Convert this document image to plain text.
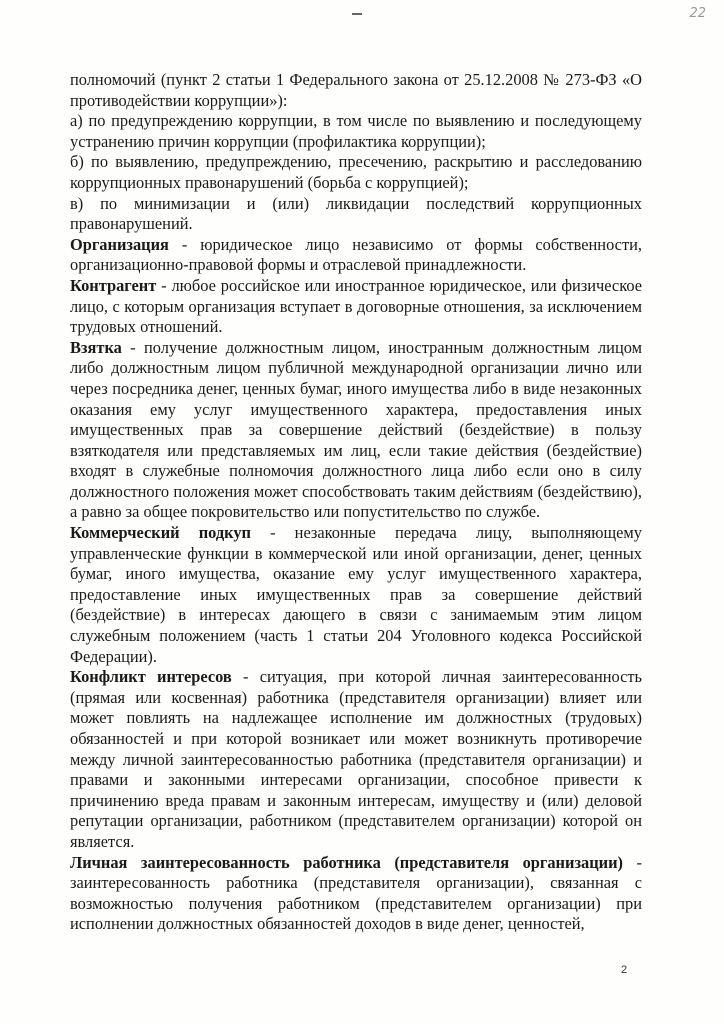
22

полномочий (пункт 2 статьи 1 Федерального закона от 25.12.2008 № 273-ФЗ «О противодействии коррупции»):

а) по предупреждению коррупции, в том числе по выявлению и последующему устранению причин коррупции (профилактика коррупции);

б) по выявлению, предупреждению, пресечению, раскрытию и расследованию коррупционных правонарушений (борьба с коррупцией);

в) по минимизации и (или) ликвидации последствий коррупционных правонарушений.

Организация - юридическое лицо независимо от формы собственности, организационно-правовой формы и отраслевой принадлежности.

Контрагент - любое российское или иностранное юридическое, или физическое лицо, с которым организация вступает в договорные отношения, за исключением трудовых отношений.

Взятка - получение должностным лицом, иностранным должностным лицом либо должностным лицом публичной международной организации лично или через посредника денег, ценных бумаг, иного имущества либо в виде незаконных оказания ему услуг имущественного характера, предоставления иных имущественных прав за совершение действий (бездействие) в пользу взяткодателя или представляемых им лиц, если такие действия (бездействие) входят в служебные полномочия должностного лица либо если оно в силу должностного положения может способствовать таким действиям (бездействию), а равно за общее покровительство или попустительство по службе.

Коммерческий подкуп - незаконные передача лицу, выполняющему управленческие функции в коммерческой или иной организации, денег, ценных бумаг, иного имущества, оказание ему услуг имущественного характера, предоставление иных имущественных прав за совершение действий (бездействие) в интересах дающего в связи с занимаемым этим лицом служебным положением (часть 1 статьи 204 Уголовного кодекса Российской Федерации).

Конфликт интересов - ситуация, при которой личная заинтересованность (прямая или косвенная) работника (представителя организации) влияет или может повлиять на надлежащее исполнение им должностных (трудовых) обязанностей и при которой возникает или может возникнуть противоречие между личной заинтересованностью работника (представителя организации) и правами и законными интересами организации, способное привести к причинению вреда правам и законным интересам, имуществу и (или) деловой репутации организации, работником (представителем организации) которой он является.

Личная заинтересованность работника (представителя организации) - заинтересованность работника (представителя организации), связанная с возможностью получения работником (представителем организации) при исполнении должностных обязанностей доходов в виде денег, ценностей,

2
